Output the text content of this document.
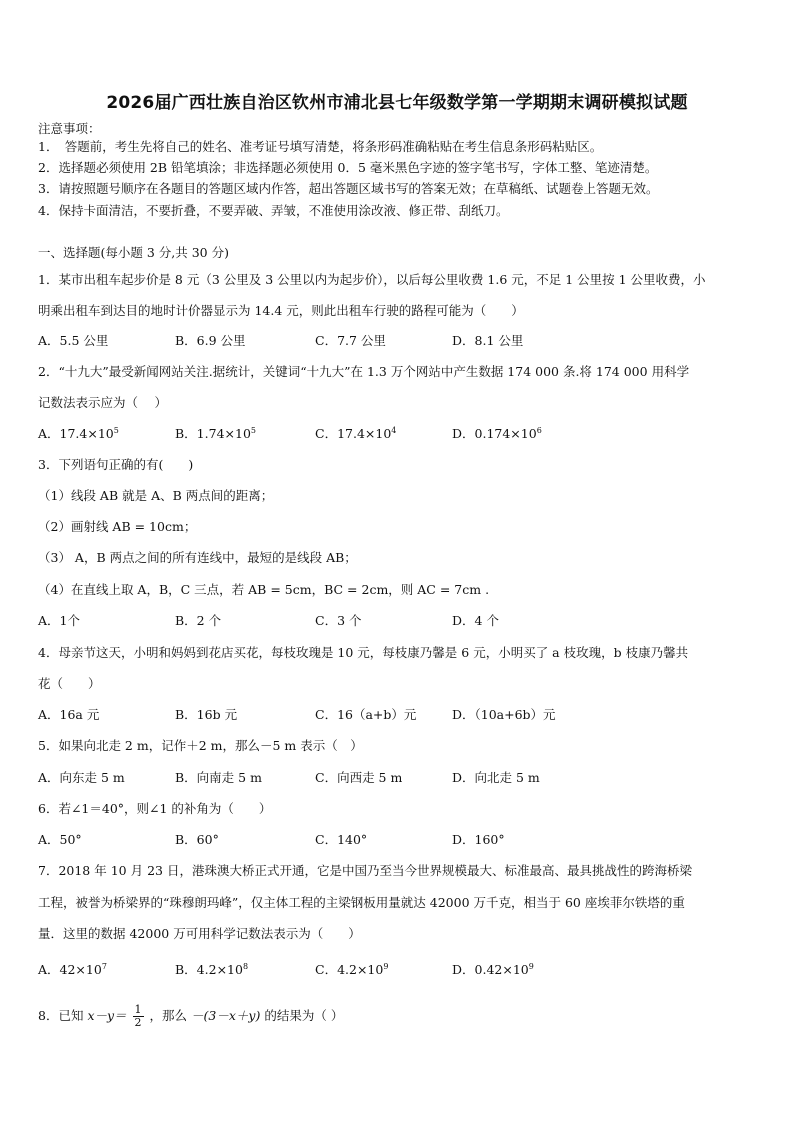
2026届广西壮族自治区钦州市浦北县七年级数学第一学期期末调研模拟试题
注意事项：
1．　答题前，考生先将自己的姓名、准考证号填写清楚，将条形码准确粘贴在考生信息条形码粘贴区。
2．选择题必须使用 2B 铅笔填涂；非选择题必须使用 0．5 毫米黑色字迹的签字笔书写，字体工整、笔迹清楚。
3．请按照题号顺序在各题目的答题区域内作答，超出答题区域书写的答案无效；在草稿纸、试题卷上答题无效。
4．保持卡面清洁，不要折叠，不要弄破、弄皱，不准使用涂改液、修正带、刮纸刀。
一、选择题(每小题 3 分,共 30 分)
1．某市出租车起步价是 8 元（3 公里及 3 公里以内为起步价），以后每公里收费 1.6 元，不足 1 公里按 1 公里收费，小
明乘出租车到达目的地时计价器显示为 14.4 元，则此出租车行驶的路程可能为（　　）
A．5.5 公里	B．6.9 公里	C．7.7 公里	D．8.1 公里
2．“十九大”最受新闻网站关注.据统计，关键词“十九大”在 1.3 万个网站中产生数据 174 000 条.将 174 000 用科学
记数法表示应为（　 ）
A．$17.4\times 10^5$	B．$1.74\times 10^5$	C．$17.4\times 10^4$	D．$0.174\times 10^6$
3．下列语句正确的有(　　)
（1）线段 AB 就是 A、B 两点间的距离；
（2）画射线 AB = 10cm；
（3） A，B 两点之间的所有连线中，最短的是线段 AB；
（4）在直线上取 A，B，C 三点，若 AB = 5cm，BC = 2cm，则 AC = 7cm .
A．1个	B．2 个	C．3 个	D．4 个
4．母亲节这天，小明和妈妈到花店买花，每枝玫瑰是 10 元，每枝康乃馨是 6 元，小明买了 a 枝玫瑰，b 枝康乃馨共
花（　　）
A．16a 元	B．16b 元	C．16（a+b）元	D．（10a+6b）元
5．如果向北走 2 m，记作＋2 m，那么－5 m 表示（　）
A．向东走 5 m	B．向南走 5 m	C．向西走 5 m	D．向北走 5 m
6．若∠1＝40°，则∠1 的补角为（　　）
A．50°	B．60°	C．140°	D．160°
7．2018 年 10 月 23 日，港珠澳大桥正式开通，它是中国乃至当今世界规模最大、标准最高、最具挑战性的跨海桥梁
工程，被誉为桥梁界的“珠穆朗玛峰”，仅主体工程的主梁钢板用量就达 42000 万千克，相当于 60 座埃菲尔铁塔的重
量．这里的数据 42000 万可用科学记数法表示为（　　）
A．$42\times 10^7$	B．$4.2\times 10^8$	C．$4.2\times 10^9$	D．$0.42\times 10^9$
8．已知 $x-y= \frac{1}{2}$ ，那么 －(3－x＋y) 的结果为（ ）
